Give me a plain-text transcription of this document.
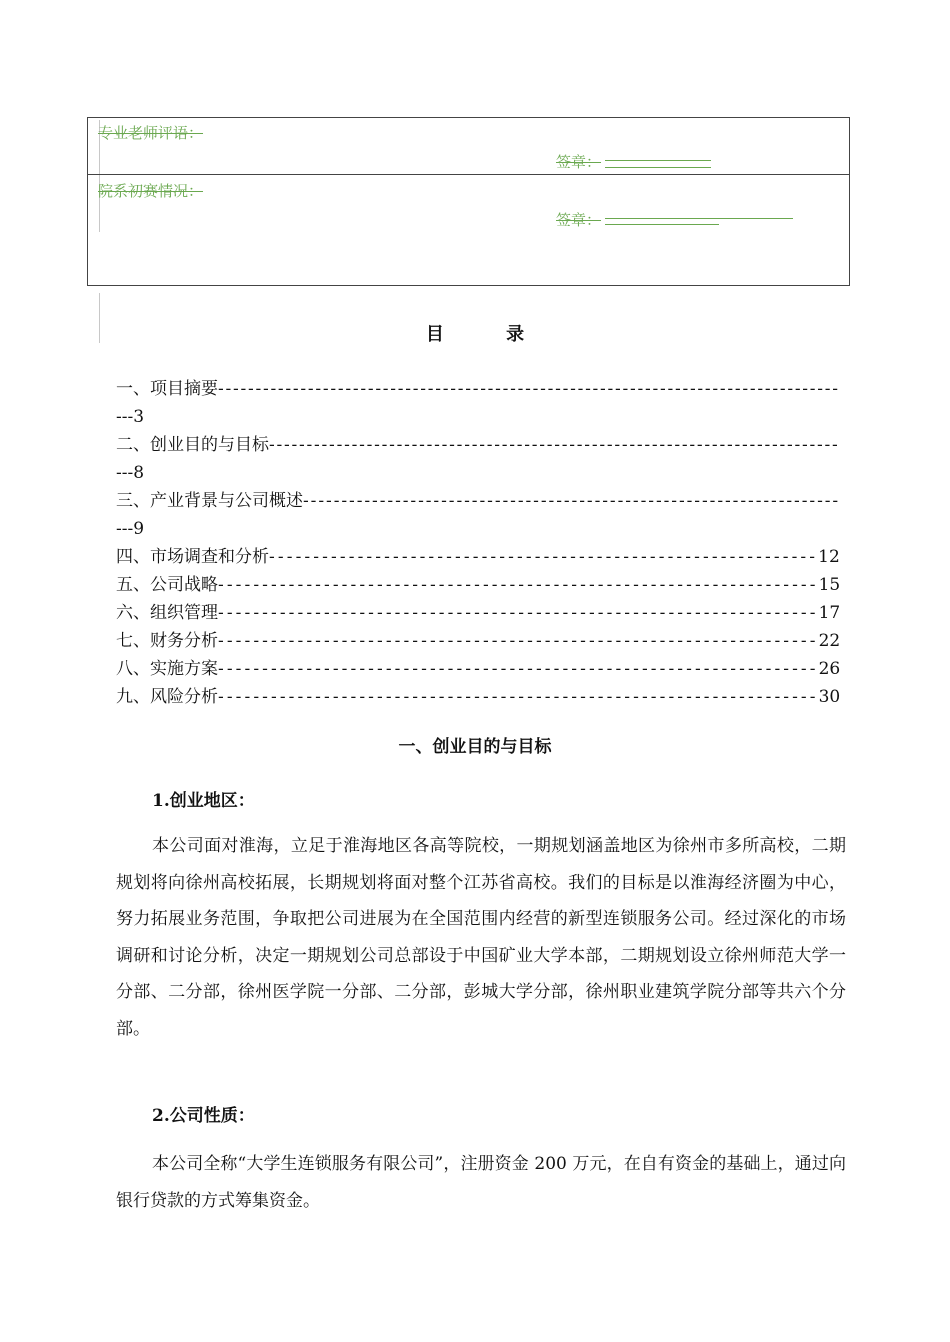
专业老师评语：
签章：
院系初赛情况：
签章：
目 录
一、项目摘要-----------------------------------------------------------------------------------
---3
二、创业目的与目标----------------------------------------------------------------------------
---8
三、产业背景与公司概述----------------------------------------------------------------------
---9
四、市场调查和分析--------------------------------------------------------------12
五、公司战略--------------------------------------------------------------------15
六、组织管理--------------------------------------------------------------------17
七、财务分析--------------------------------------------------------------------22
八、实施方案--------------------------------------------------------------------26
九、风险分析--------------------------------------------------------------------30
一、创业目的与目标
1.创业地区：
本公司面对淮海，立足于淮海地区各高等院校，一期规划涵盖地区为徐州市多所高校，二期规划将向徐州高校拓展，长期规划将面对整个江苏省高校。我们的目标是以淮海经济圈为中心，努力拓展业务范围，争取把公司进展为在全国范围内经营的新型连锁服务公司。经过深化的市场调研和讨论分析，决定一期规划公司总部设于中国矿业大学本部，二期规划设立徐州师范大学一分部、二分部，徐州医学院一分部、二分部，彭城大学分部，徐州职业建筑学院分部等共六个分部。
2.公司性质：
本公司全称“大学生连锁服务有限公司”，注册资金 200 万元，在自有资金的基础上，通过向银行贷款的方式筹集资金。
